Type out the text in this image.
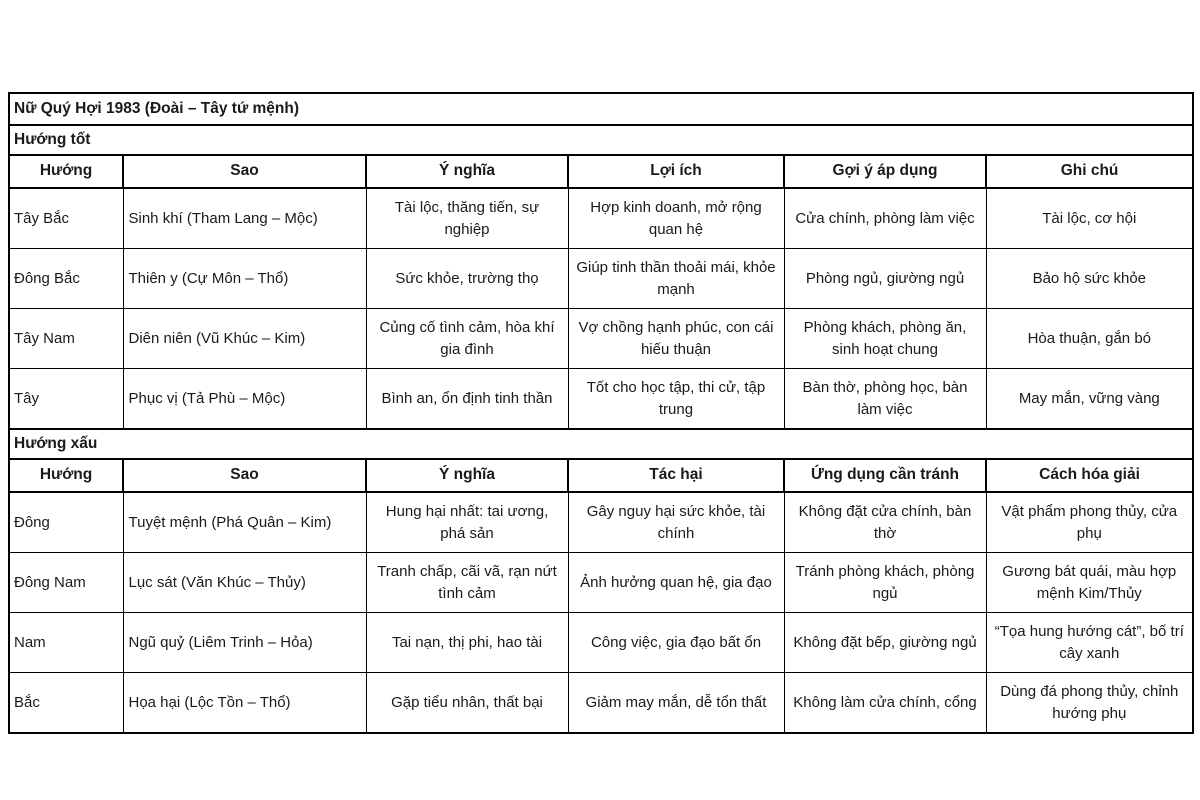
Nữ Quý Hợi 1983 (Đoài – Tây tứ mệnh)					
Hướng tốt					
Hướng	Sao	Ý nghĩa	Lợi ích	Gợi ý áp dụng	Ghi chú
Tây Bắc	Sinh khí (Tham Lang – Mộc)	Tài lộc, thăng tiến, sự nghiệp	Hợp kinh doanh, mở rộng quan hệ	Cửa chính, phòng làm việc	Tài lộc, cơ hội
Đông Bắc	Thiên y (Cự Môn – Thổ)	Sức khỏe, trường thọ	Giúp tinh thần thoải mái, khỏe mạnh	Phòng ngủ, giường ngủ	Bảo hộ sức khỏe
Tây Nam	Diên niên (Vũ Khúc – Kim)	Củng cố tình cảm, hòa khí gia đình	Vợ chồng hạnh phúc, con cái hiếu thuận	Phòng khách, phòng ăn, sinh hoạt chung	Hòa thuận, gắn bó
Tây	Phục vị (Tả Phù – Mộc)	Bình an, ổn định tinh thần	Tốt cho học tập, thi cử, tập trung	Bàn thờ, phòng học, bàn làm việc	May mắn, vững vàng
Hướng xấu					
Hướng	Sao	Ý nghĩa	Tác hại	Ứng dụng cần tránh	Cách hóa giải
Đông	Tuyệt mệnh (Phá Quân – Kim)	Hung hại nhất: tai ương, phá sản	Gây nguy hại sức khỏe, tài chính	Không đặt cửa chính, bàn thờ	Vật phẩm phong thủy, cửa phụ
Đông Nam	Lục sát (Văn Khúc – Thủy)	Tranh chấp, cãi vã, rạn nứt tình cảm	Ảnh hưởng quan hệ, gia đạo	Tránh phòng khách, phòng ngủ	Gương bát quái, màu hợp mệnh Kim/Thủy
Nam	Ngũ quỷ (Liêm Trinh – Hỏa)	Tai nạn, thị phi, hao tài	Công việc, gia đạo bất ổn	Không đặt bếp, giường ngủ	“Tọa hung hướng cát”, bố trí cây xanh
Bắc	Họa hại (Lộc Tồn – Thổ)	Gặp tiểu nhân, thất bại	Giảm may mắn, dễ tổn thất	Không làm cửa chính, cổng	Dùng đá phong thủy, chỉnh hướng phụ
